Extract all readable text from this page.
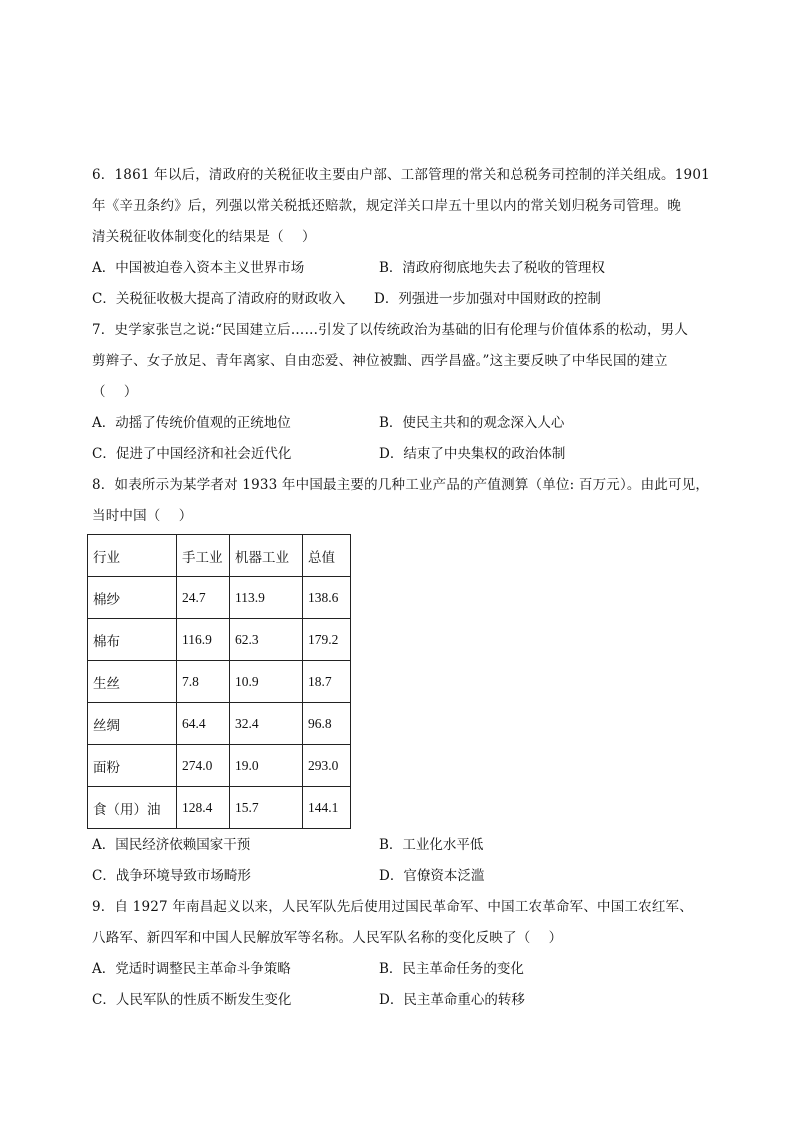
6．1861 年以后，清政府的关税征收主要由户部、工部管理的常关和总税务司控制的洋关组成。1901
年《辛丑条约》后，列强以常关税抵还赔款，规定洋关口岸五十里以内的常关划归税务司管理。晚
清关税征收体制变化的结果是（　 ）

A．中国被迫卷入资本主义世界市场	B．清政府彻底地失去了税收的管理权
C．关税征收极大提高了清政府的财政收入	D．列强进一步加强对中国财政的控制

7．史学家张岂之说:“民国建立后……引发了以传统政治为基础的旧有伦理与价值体系的松动，男人
剪辫子、女子放足、青年离家、自由恋爱、神位被黜、西学昌盛。”这主要反映了中华民国的建立
（　 ）

A．动摇了传统价值观的正统地位	B．使民主共和的观念深入人心
C．促进了中国经济和社会近代化	D．结束了中央集权的政治体制

8．如表所示为某学者对 1933 年中国最主要的几种工业产品的产值测算（单位: 百万元）。由此可见，
当时中国（　 ）

行业	手工业	机器工业	总值
棉纱	24.7	113.9	138.6
棉布	116.9	62.3	179.2
生丝	7.8	10.9	18.7
丝绸	64.4	32.4	96.8
面粉	274.0	19.0	293.0
食（用）油	128.4	15.7	144.1
A．国民经济依赖国家干预	B．工业化水平低
C．战争环境导致市场畸形	D．官僚资本泛滥

9．自 1927 年南昌起义以来，人民军队先后使用过国民革命军、中国工农革命军、中国工农红军、
八路军、新四军和中国人民解放军等名称。人民军队名称的变化反映了（　 ）

A．党适时调整民主革命斗争策略	B．民主革命任务的变化
C．人民军队的性质不断发生变化	D．民主革命重心的转移
